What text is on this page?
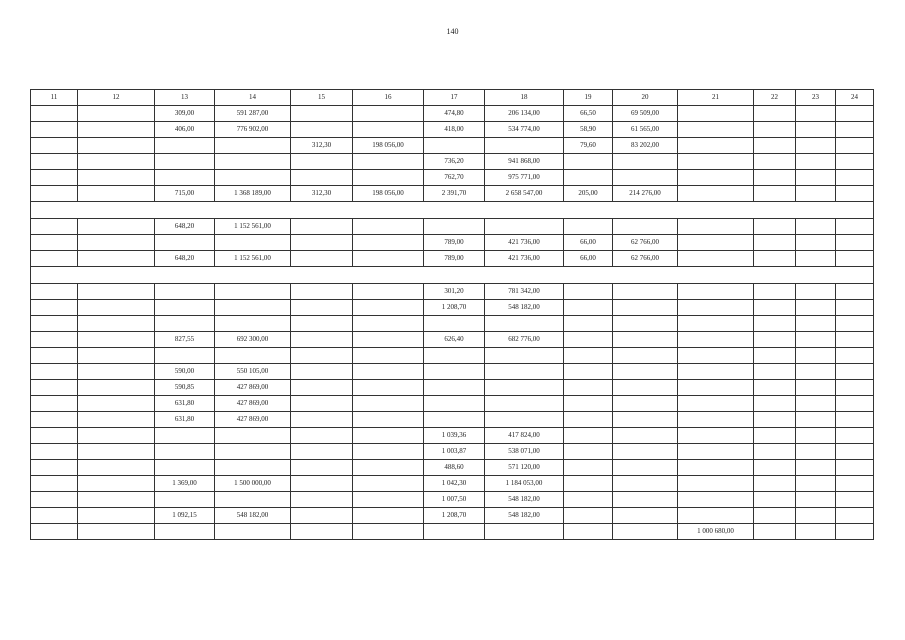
140
11	12	13	14	15	16	17	18	19	20	21	22	23	24
		309,00	591 287,00			474,80	206 134,00	66,50	69 509,00				
		406,00	776 902,00			418,00	534 774,00	58,90	61 565,00				
				312,30	198 056,00			79,60	83 202,00				
						736,20	941 868,00						
						762,70	975 771,00						
		715,00	1 368 189,00	312,30	198 056,00	2 391,70	2 658 547,00	205,00	214 276,00				

		648,20	1 152 561,00										
						789,00	421 736,00	66,00	62 766,00				
		648,20	1 152 561,00			789,00	421 736,00	66,00	62 766,00				

						301,20	781 342,00						
						1 208,70	548 182,00						

		827,55	692 300,00			626,40	682 776,00						

		590,00	550 105,00										
		590,85	427 869,00										
		631,80	427 869,00										
		631,80	427 869,00										
						1 039,36	417 824,00						
						1 003,87	538 071,00						
						488,60	571 120,00						
		1 369,00	1 500 000,00			1 042,30	1 184 053,00						
						1 007,50	548 182,00						
		1 092,15	548 182,00			1 208,70	548 182,00						
										1 000 680,00			
